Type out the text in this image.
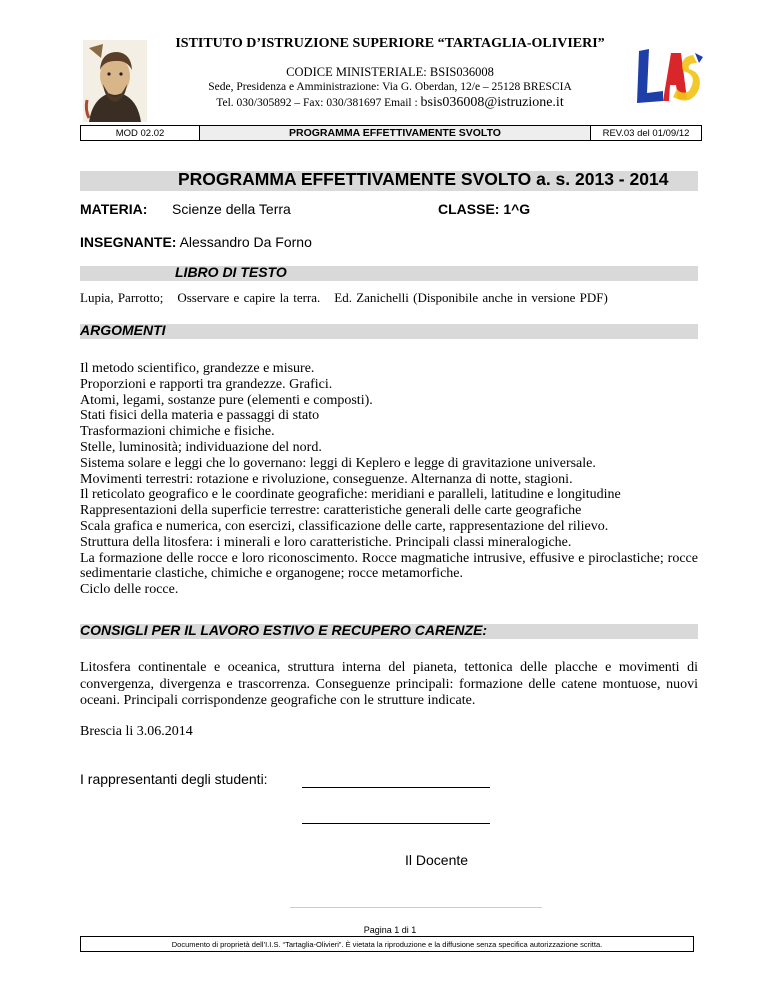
ISTITUTO D’ISTRUZIONE SUPERIORE “TARTAGLIA-OLIVIERI”
CODICE MINISTERIALE: BSIS036008
Sede, Presidenza e Amministrazione: Via G. Oberdan, 12/e – 25128 BRESCIA
Tel. 030/305892 – Fax: 030/381697 Email : bsis036008@istruzione.it
MOD 02.02	PROGRAMMA EFFETTIVAMENTE SVOLTO	REV.03 del 01/09/12
PROGRAMMA EFFETTIVAMENTE SVOLTO a. s. 2013 - 2014
MATERIA: Scienze della Terra	CLASSE: 1^G
INSEGNANTE: Alessandro Da Forno
LIBRO DI TESTO
Lupia, Parrotto; Osservare e capire la terra. Ed. Zanichelli (Disponibile anche in versione PDF)
ARGOMENTI
Il metodo scientifico, grandezze e misure.
Proporzioni e rapporti tra grandezze. Grafici.
Atomi, legami, sostanze pure (elementi e composti).
Stati fisici della materia e passaggi di stato
Trasformazioni chimiche e fisiche.
Stelle, luminosità; individuazione del nord.
Sistema solare e leggi che lo governano: leggi di Keplero e legge di gravitazione universale.
Movimenti terrestri: rotazione e rivoluzione, conseguenze. Alternanza di notte, stagioni.
Il reticolato geografico e le coordinate geografiche: meridiani e paralleli, latitudine e longitudine
Rappresentazioni della superficie terrestre: caratteristiche generali delle carte geografiche
Scala grafica e numerica, con esercizi, classificazione delle carte, rappresentazione del rilievo.
Struttura della litosfera: i minerali e loro caratteristiche. Principali classi mineralogiche.
La formazione delle rocce e loro riconoscimento. Rocce magmatiche intrusive, effusive e piroclastiche; rocce sedimentarie clastiche, chimiche e organogene; rocce metamorfiche.
Ciclo delle rocce.
CONSIGLI PER IL LAVORO ESTIVO E RECUPERO CARENZE:
Litosfera continentale e oceanica, struttura interna del pianeta, tettonica delle placche e movimenti di convergenza, divergenza e trascorrenza. Conseguenze principali: formazione delle catene montuose, nuovi oceani. Principali corrispondenze geografiche con le strutture indicate.
Brescia li 3.06.2014
I rappresentanti degli studenti:
Il Docente
Pagina 1 di 1
Documento di proprietà dell’I.I.S. “Tartaglia-Olivieri”. È vietata la riproduzione e la diffusione senza specifica autorizzazione scritta.
